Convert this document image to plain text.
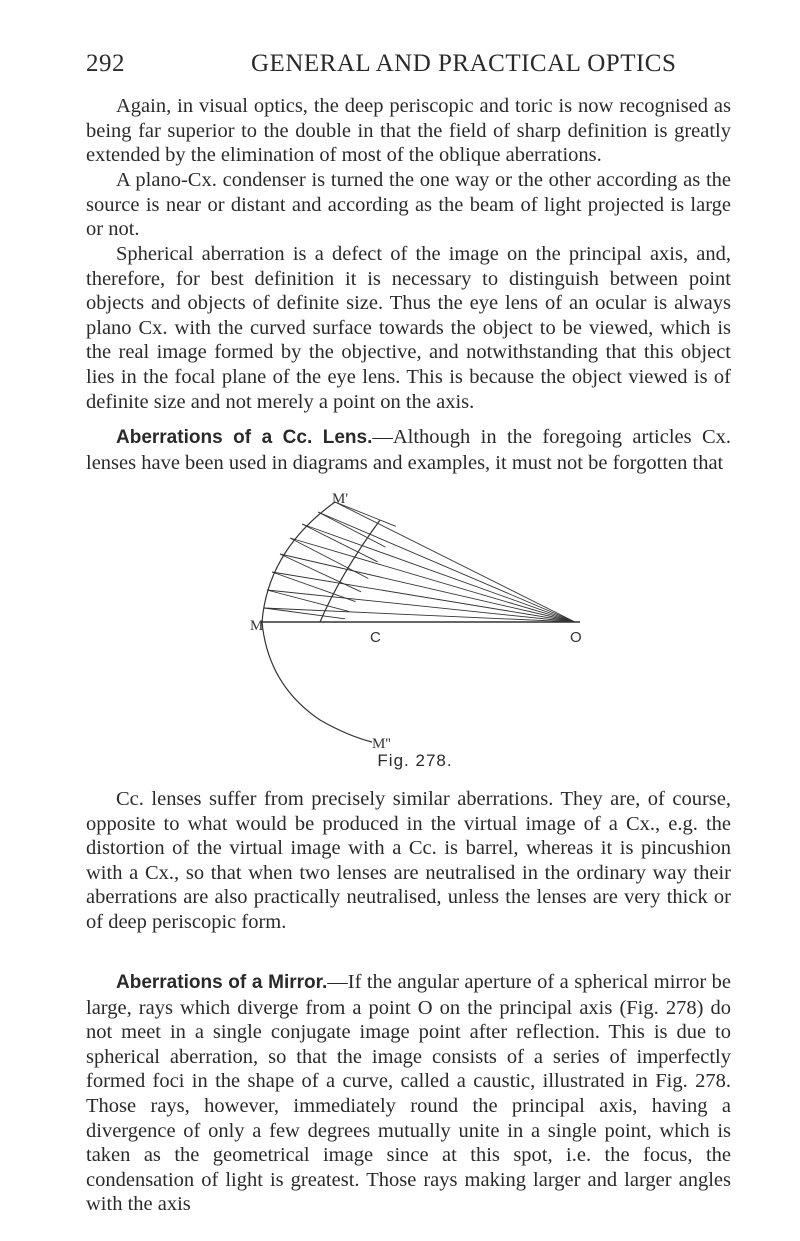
292	GENERAL AND PRACTICAL OPTICS

Again, in visual optics, the deep periscopic and toric is now recognised as being far superior to the double in that the field of sharp definition is greatly extended by the elimination of most of the oblique aberrations.

A plano-Cx. condenser is turned the one way or the other according as the source is near or distant and according as the beam of light projected is large or not.

Spherical aberration is a defect of the image on the principal axis, and, therefore, for best definition it is necessary to distinguish between point objects and objects of definite size. Thus the eye lens of an ocular is always plano Cx. with the curved surface towards the object to be viewed, which is the real image formed by the objective, and notwithstanding that this object lies in the focal plane of the eye lens. This is because the object viewed is of definite size and not merely a point on the axis.

Aberrations of a Cc. Lens.—Although in the foregoing articles Cx. lenses have been used in diagrams and examples, it must not be forgotten that

M'
M
C	O
M''
Fig. 278.

Cc. lenses suffer from precisely similar aberrations. They are, of course, opposite to what would be produced in the virtual image of a Cx., e.g. the distortion of the virtual image with a Cc. is barrel, whereas it is pincushion with a Cx., so that when two lenses are neutralised in the ordinary way their aberrations are also practically neutralised, unless the lenses are very thick or of deep periscopic form.

Aberrations of a Mirror.—If the angular aperture of a spherical mirror be large, rays which diverge from a point O on the principal axis (Fig. 278) do not meet in a single conjugate image point after reflection. This is due to spherical aberration, so that the image consists of a series of imperfectly formed foci in the shape of a curve, called a caustic, illustrated in Fig. 278. Those rays, however, immediately round the principal axis, having a divergence of only a few degrees mutually unite in a single point, which is taken as the geometrical image since at this spot, i.e. the focus, the condensation of light is greatest. Those rays making larger and larger angles with the axis
